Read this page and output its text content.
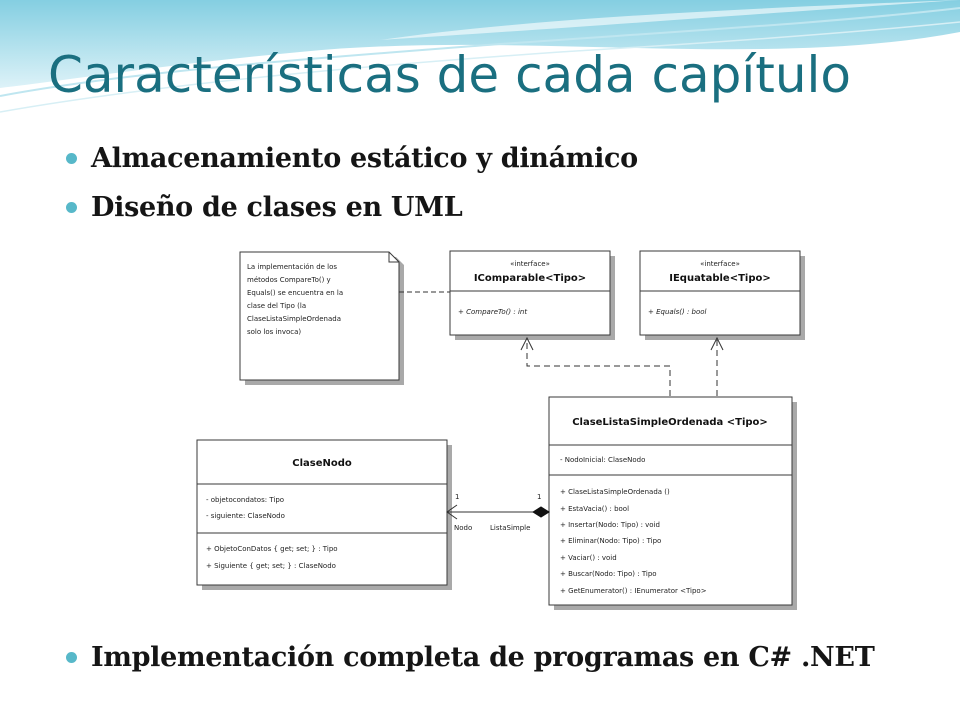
Características de cada capítulo
Almacenamiento estático y dinámico
Diseño de clases en UML
La implementación de los
métodos CompareTo() y
Equals() se encuentra en la
clase del Tipo (la
ClaseListaSimpleOrdenada
solo los invoca)
«interface»
IComparable<Tipo>
+ CompareTo() : int
«interface»
IEquatable<Tipo>
+ Equals() : bool
ClaseListaSimpleOrdenada <Tipo>
- NodoInicial: ClaseNodo
+ ClaseListaSimpleOrdenada ()
+ EstaVacia() : bool
+ Insertar(Nodo: Tipo) : void
+ Eliminar(Nodo: Tipo) : Tipo
+ Vaciar() : void
+ Buscar(Nodo: Tipo) : Tipo
+ GetEnumerator() : IEnumerator <Tipo>
ClaseNodo
- objetocondatos: Tipo
- siguiente: ClaseNodo
+ ObjetoConDatos { get; set; } : Tipo
+ Siguiente { get; set; } : ClaseNodo
1	1
Nodo	ListaSimple
Implementación completa de programas en C# .NET
